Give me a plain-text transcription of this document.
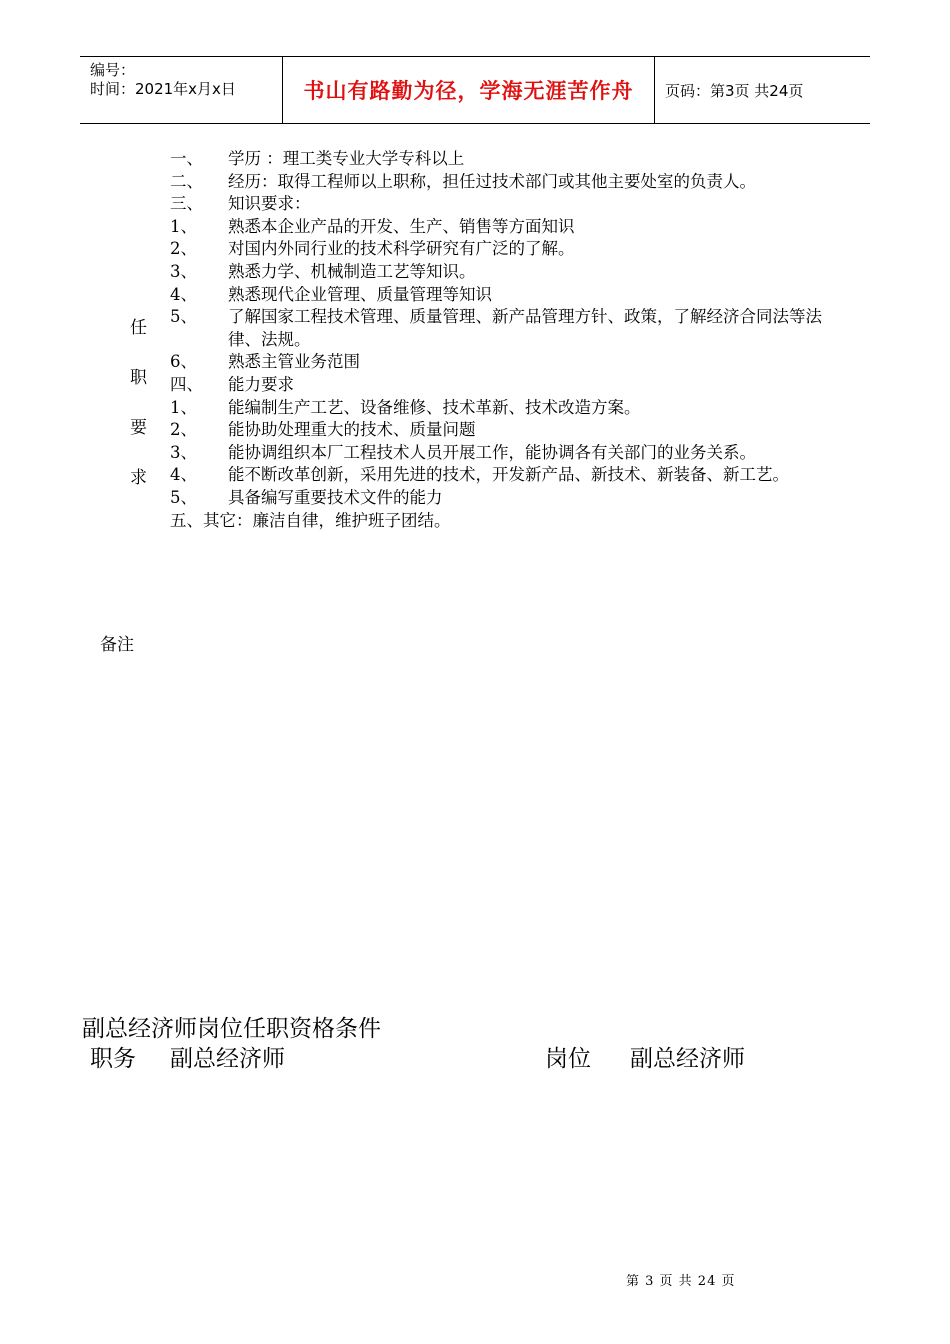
编号：
时间：2021年x月x日	书山有路勤为径，学海无涯苦作舟	页码：第3页 共24页
任
职
要
求
一、	学历 ：理工类专业大学专科以上
二、	经历：取得工程师以上职称，担任过技术部门或其他主要处室的负责人。
三、	知识要求：
1、	熟悉本企业产品的开发、生产、销售等方面知识
2、	对国内外同行业的技术科学研究有广泛的了解。
3、	熟悉力学、机械制造工艺等知识。
4、	熟悉现代企业管理、质量管理等知识
5、	了解国家工程技术管理、质量管理、新产品管理方针、政策，了解经济合同法等法律、法规。
6、	熟悉主管业务范围
四、	能力要求
1、	能编制生产工艺、设备维修、技术革新、技术改造方案。
2、	能协助处理重大的技术、质量问题
3、	能协调组织本厂工程技术人员开展工作，能协调各有关部门的业务关系。
4、	能不断改革创新，采用先进的技术，开发新产品、新技术、新装备、新工艺。
5、	具备编写重要技术文件的能力
五、其它： 廉洁自律，维护班子团结。
备注
副总经济师岗位任职资格条件
职务 副总经济师	岗位 副总经济师
第 3 页 共 24 页
